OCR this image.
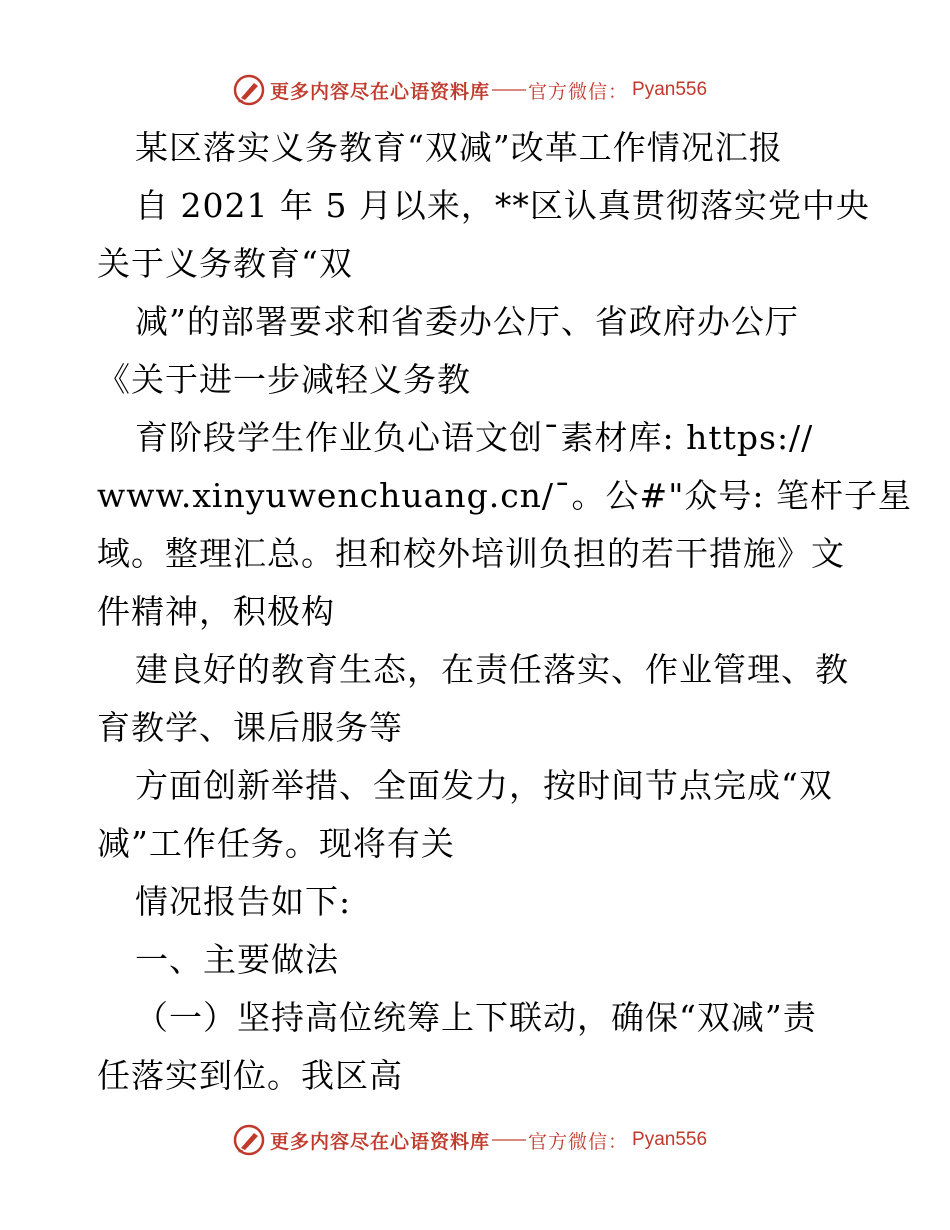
更多内容尽在心语资料库 官方微信： Pyan556
某区落实义务教育“双减”改革工作情况汇报
自 2021 年 5 月以来，**区认真贯彻落实党中央
关于义务教育“双
减”的部署要求和省委办公厅、省政府办公厅
《关于进一步减轻义务教
育阶段学生作业负心语文创¯素材库: https://
www.xinyuwenchuang.cn/¯。公#"众号: 笔杆子星
域。整理汇总。担和校外培训负担的若干措施》文
件精神，积极构
建良好的教育生态，在责任落实、作业管理、教
育教学、课后服务等
方面创新举措、全面发力，按时间节点完成“双
减”工作任务。现将有关
情况报告如下:
一、主要做法
（一）坚持高位统筹上下联动，确保“双减”责
任落实到位。我区高
更多内容尽在心语资料库 官方微信： Pyan556
